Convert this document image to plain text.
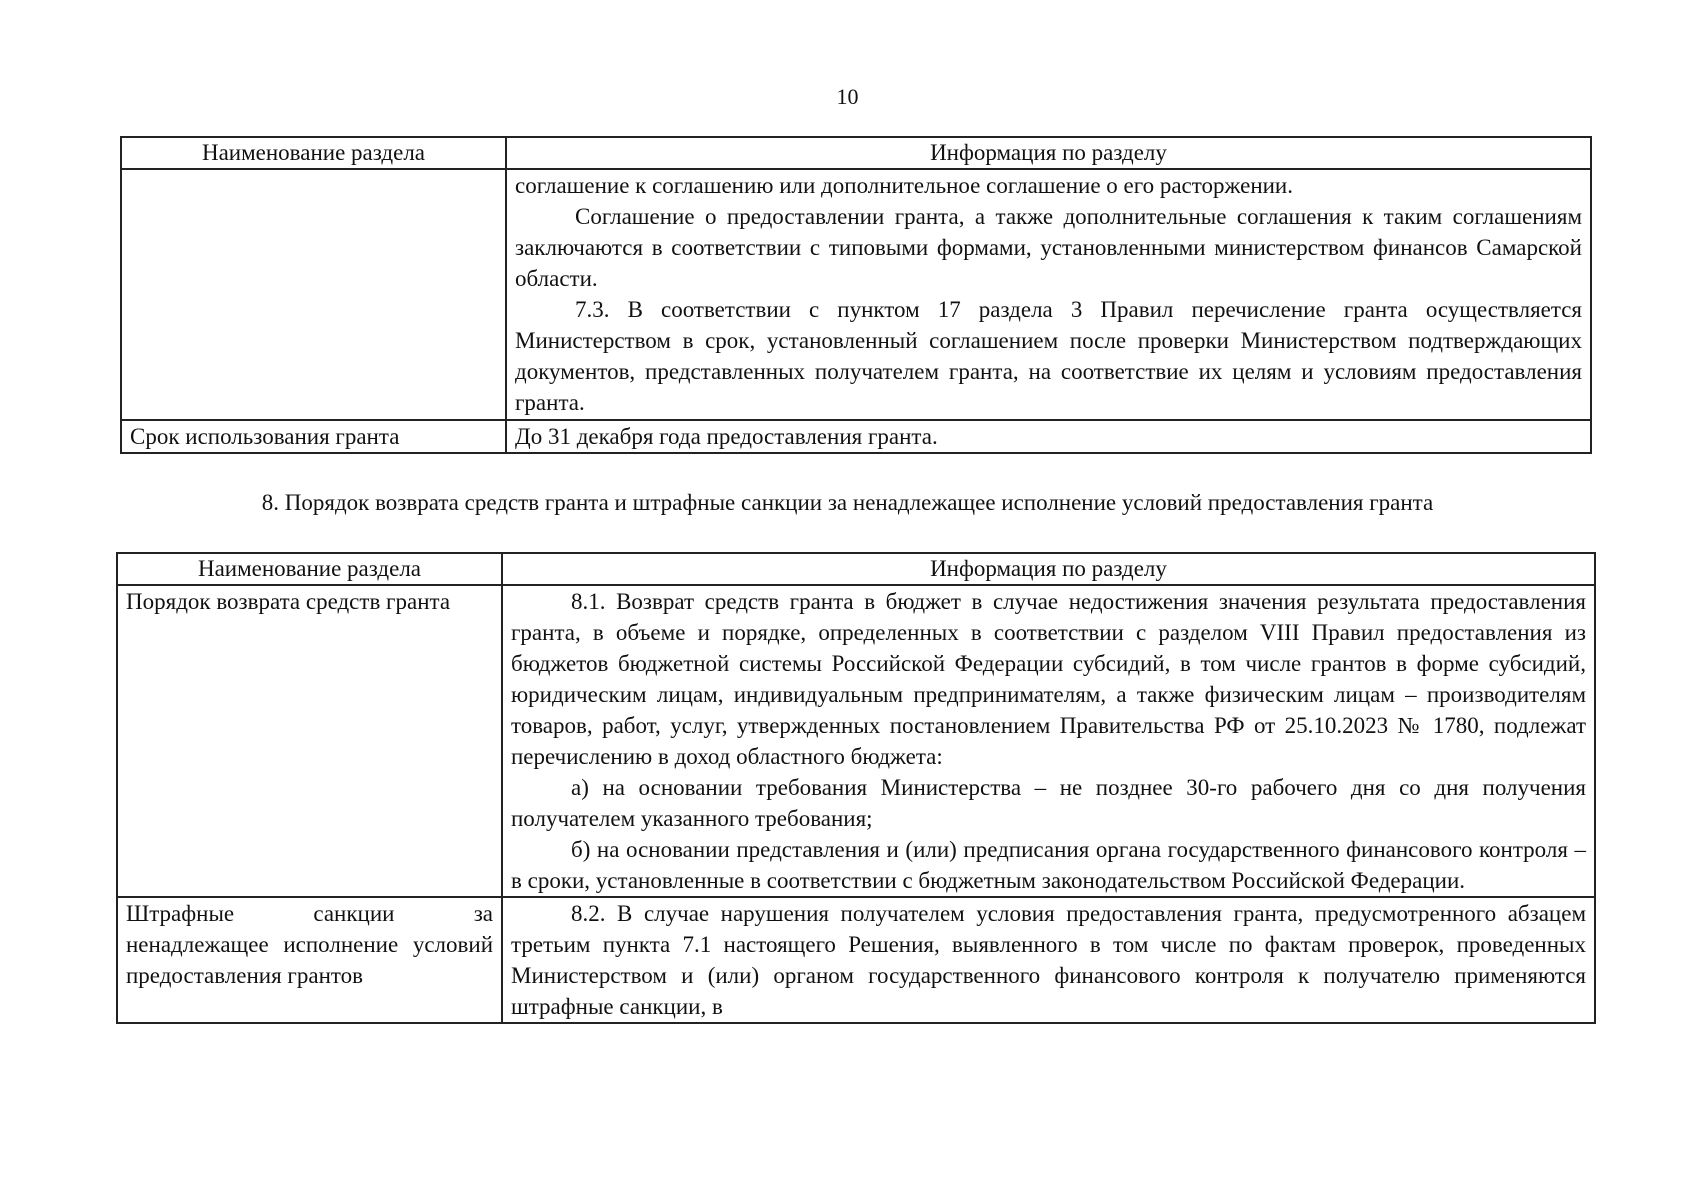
10
Наименование раздела	Информация по разделу

	соглашение к соглашению или дополнительное соглашение о его расторжении.

Соглашение о предоставлении гранта, а также дополнительные соглашения к таким соглашениям заключаются в соответствии с типовыми формами, установленными министерством финансов Самарской области.

7.3. В соответствии с пунктом 17 раздела 3 Правил перечисление гранта осуществляется Министерством в срок, установленный соглашением после проверки Министерством подтверждающих документов, представленных получателем гранта, на соответствие их целям и условиям предоставления гранта.

Срок использования гранта	До 31 декабря года предоставления гранта.

8. Порядок возврата средств гранта и штрафные санкции за ненадлежащее исполнение условий предоставления гранта
Наименование раздела	Информация по разделу
Порядок возврата средств гранта	8.1. Возврат средств гранта в бюджет в случае недостижения значения результата предоставления гранта, в объеме и порядке, определенных в соответствии с разделом VIII Правил предоставления из бюджетов бюджетной системы Российской Федерации субсидий, в том числе грантов в форме субсидий, юридическим лицам, индивидуальным предпринимателям, а также физическим лицам – производителям товаров, работ, услуг, утвержденных постановлением Правительства РФ от 25.10.2023 № 1780, подлежат перечислению в доход областного бюджета:

а) на основании требования Министерства – не позднее 30-го рабочего дня со дня получения получателем указанного требования;

б) на основании представления и (или) предписания органа государственного финансового контроля – в сроки, установленные в соответствии с бюджетным законодательством Российской Федерации.

Штрафные санкции за ненадлежащее исполнение условий предоставления грантов	8.2. В случае нарушения получателем условия предоставления гранта, предусмотренного абзацем третьим пункта 7.1 настоящего Решения, выявленного в том числе по фактам проверок, проведенных Министерством и (или) органом государственного финансового контроля к получателю применяются штрафные санкции, в
